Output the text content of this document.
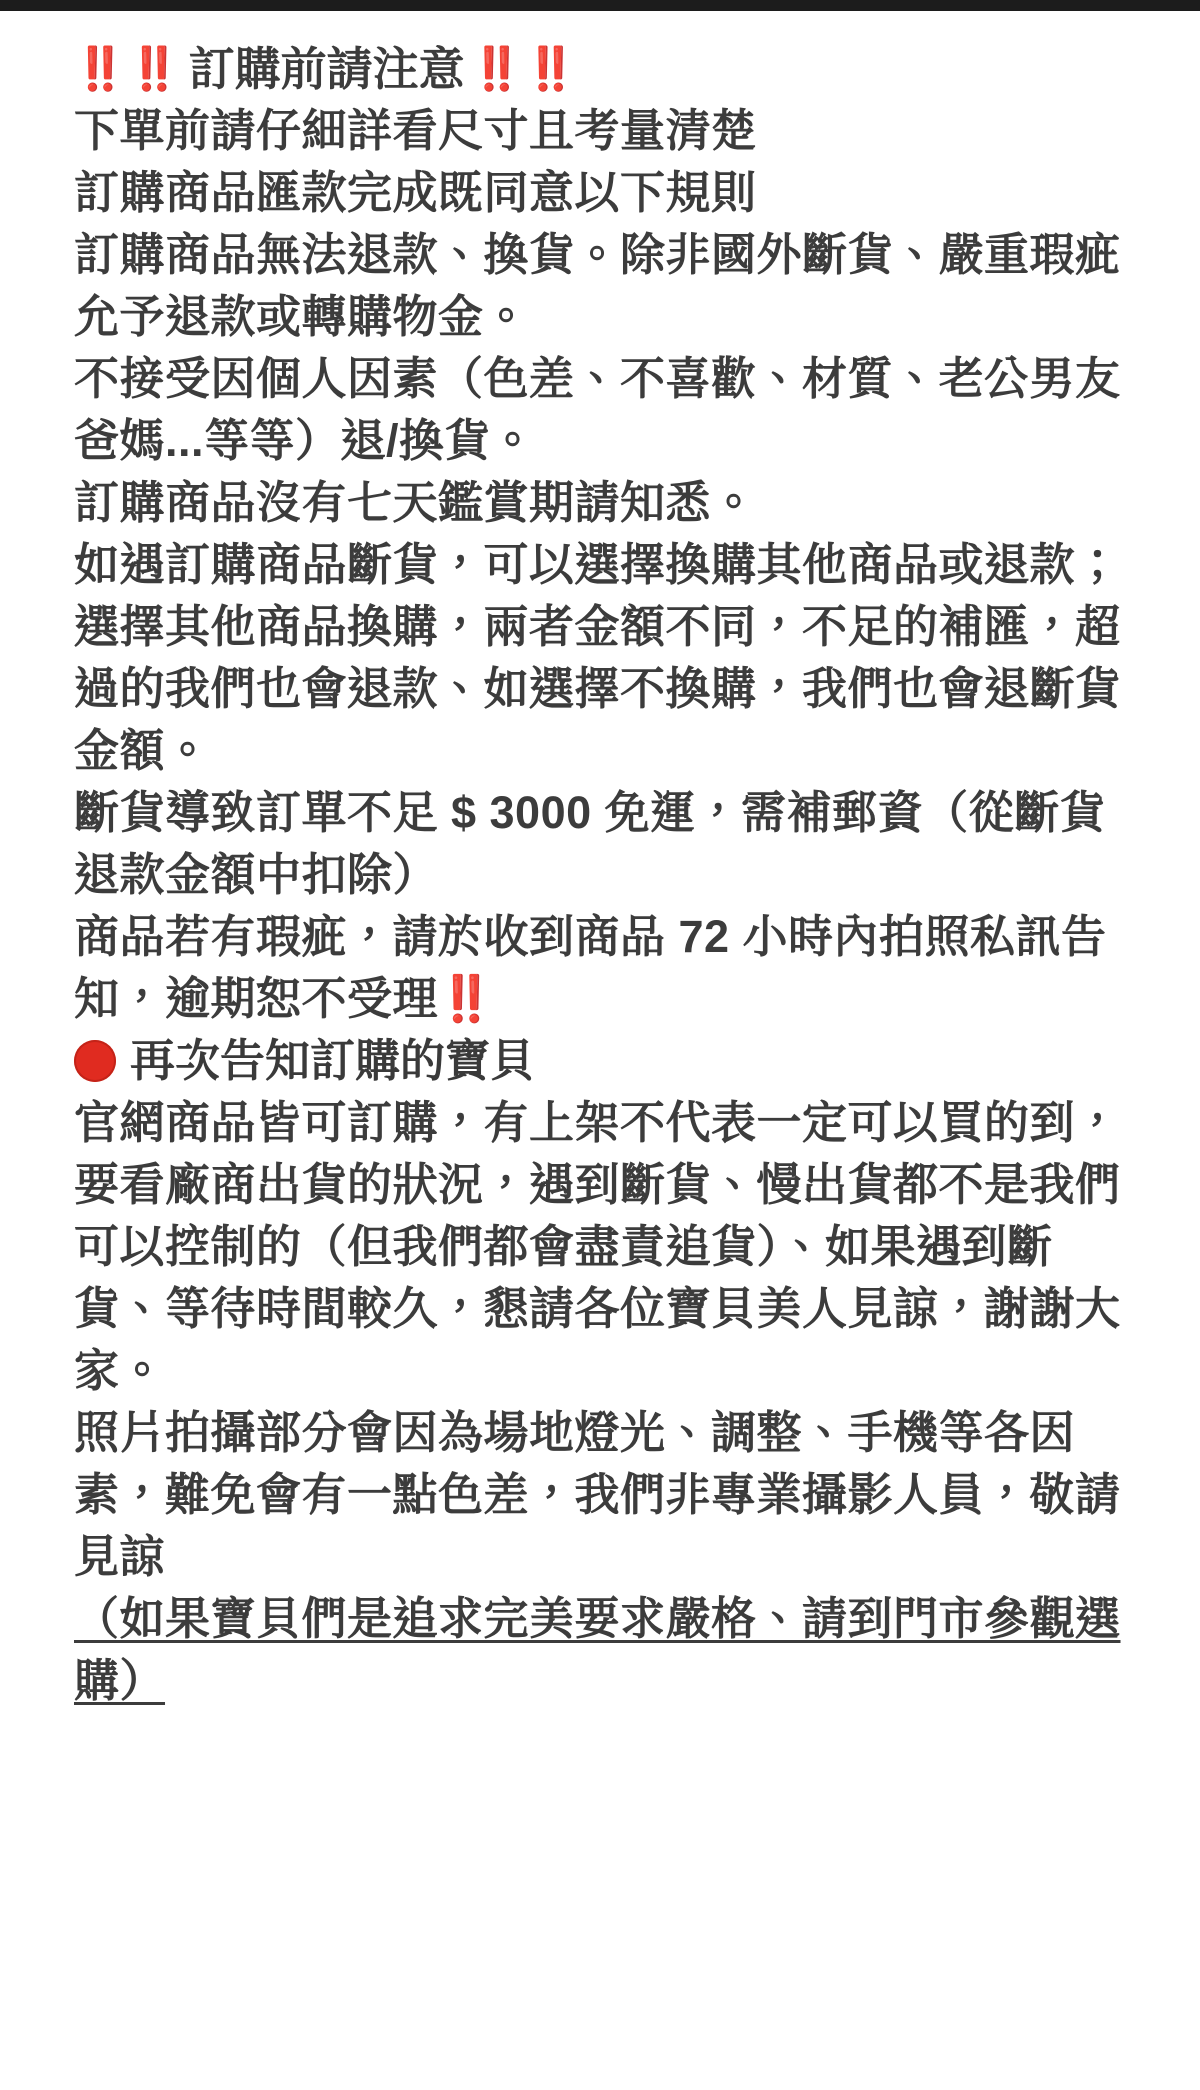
‼️‼️ 訂購前請注意 ‼️‼️
下單前請仔細詳看尺寸且考量清楚
訂購商品匯款完成既同意以下規則
訂購商品無法退款、換貨。除非國外斷貨、嚴重瑕疵允予退款或轉購物金。
不接受因個人因素（色差、不喜歡、材質、老公男友爸媽...等等）退/換貨。
訂購商品沒有七天鑑賞期請知悉。
如遇訂購商品斷貨，可以選擇換購其他商品或退款；選擇其他商品換購，兩者金額不同，不足的補匯，超過的我們也會退款、如選擇不換購，我們也會退斷貨金額。
斷貨導致訂單不足 $ 3000 免運，需補郵資（從斷貨退款金額中扣除）
商品若有瑕疵，請於收到商品 72 小時內拍照私訊告知，逾期恕不受理‼️
再次告知訂購的寶貝
官網商品皆可訂購，有上架不代表一定可以買的到，要看廠商出貨的狀況，遇到斷貨、慢出貨都不是我們可以控制的（但我們都會盡責追貨）、如果遇到斷貨、等待時間較久，懇請各位寶貝美人見諒，謝謝大家。
照片拍攝部分會因為場地燈光、調整、手機等各因素，難免會有一點色差，我們非專業攝影人員，敬請見諒
（如果寶貝們是追求完美要求嚴格、請到門市參觀選購）
